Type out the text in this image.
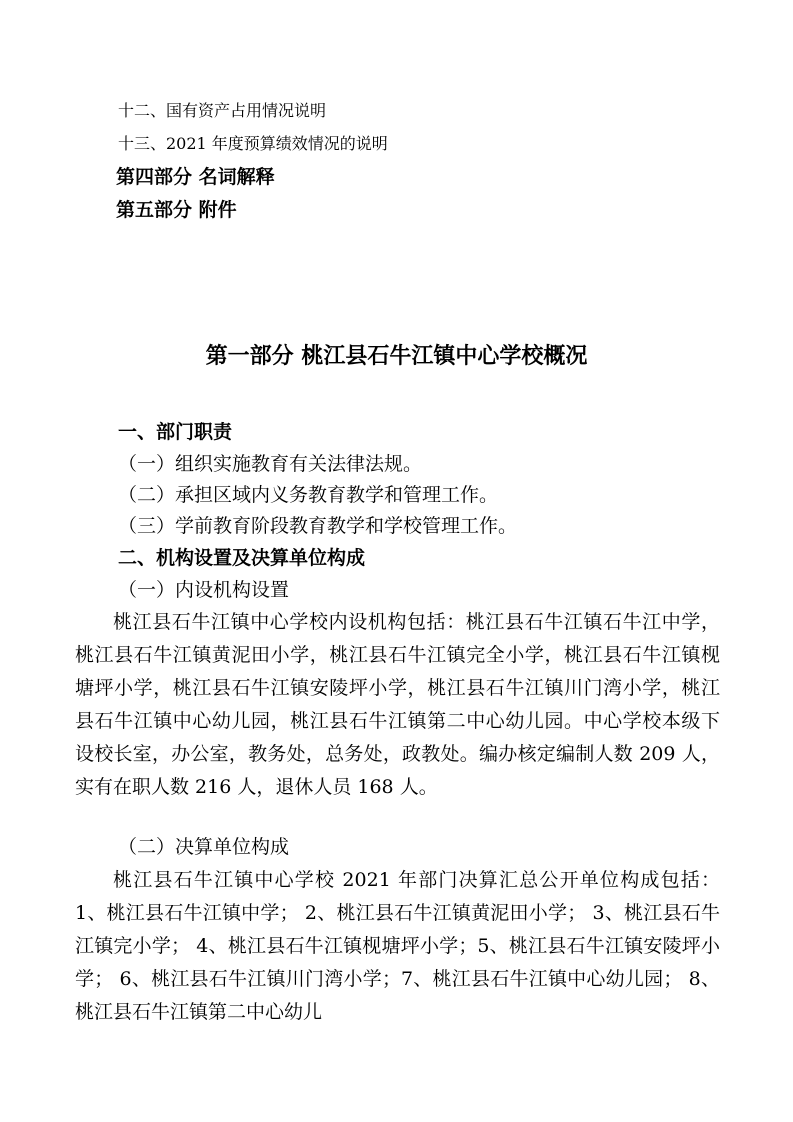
十二、国有资产占用情况说明
十三、2021 年度预算绩效情况的说明
第四部分 名词解释
第五部分 附件
第一部分 桃江县石牛江镇中心学校概况
一、部门职责
（一）组织实施教育有关法律法规。
（二）承担区域内义务教育教学和管理工作。
（三）学前教育阶段教育教学和学校管理工作。
二、机构设置及决算单位构成
（一）内设机构设置
桃江县石牛江镇中心学校内设机构包括：桃江县石牛江镇石牛江中学，桃江县石牛江镇黄泥田小学，桃江县石牛江镇完全小学，桃江县石牛江镇枧塘坪小学，桃江县石牛江镇安陵坪小学，桃江县石牛江镇川门湾小学，桃江县石牛江镇中心幼儿园，桃江县石牛江镇第二中心幼儿园。中心学校本级下设校长室，办公室，教务处，总务处，政教处。编办核定编制人数 209 人，实有在职人数 216 人，退休人员 168 人。
（二）决算单位构成
桃江县石牛江镇中心学校 2021 年部门决算汇总公开单位构成包括： 1、桃江县石牛江镇中学； 2、桃江县石牛江镇黄泥田小学； 3、桃江县石牛江镇完小学； 4、桃江县石牛江镇枧塘坪小学；5、桃江县石牛江镇安陵坪小学； 6、桃江县石牛江镇川门湾小学；7、桃江县石牛江镇中心幼儿园； 8、桃江县石牛江镇第二中心幼儿
